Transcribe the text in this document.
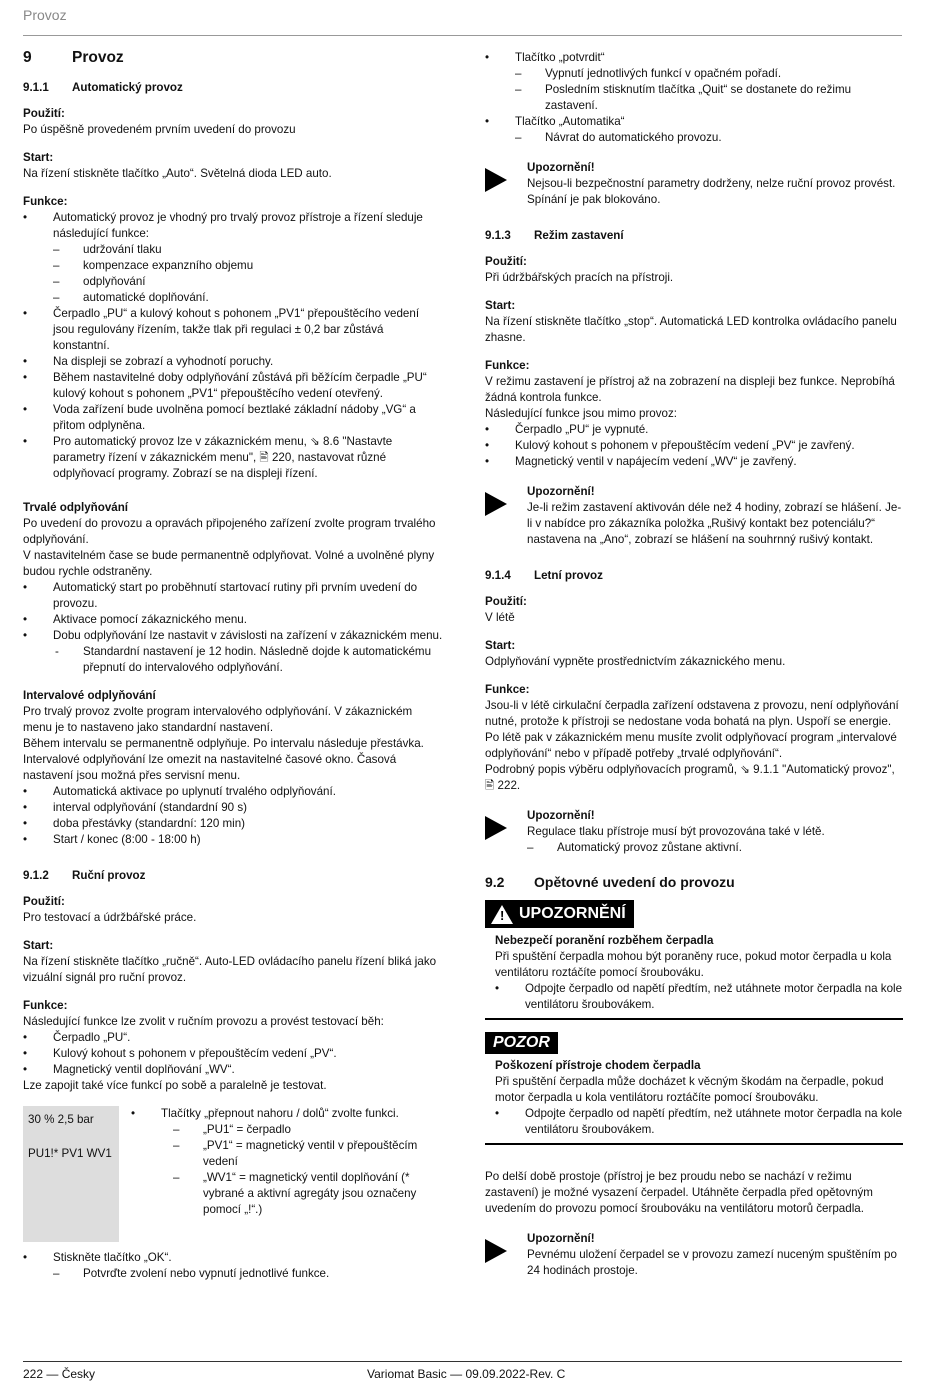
Provoz
9	Provoz
9.1.1	Automatický provoz
Použití:

Po úspěšně provedeném prvním uvedení do provozu

Start:

Na řízení stiskněte tlačítko „Auto“. Světelná dioda LED auto.

Funkce:
• Automatický provoz je vhodný pro trvalý provoz přístroje a řízení sleduje následující funkce:
– udržování tlaku
– kompenzace expanzního objemu
– odplyňování
– automatické doplňování.
• Čerpadlo „PU“ a kulový kohout s pohonem „PV1“ přepouštěcího vedení jsou regulovány řízením, takže tlak při regulaci ± 0,2 bar zůstává konstantní.
• Na displeji se zobrazí a vyhodnotí poruchy.
• Během nastavitelné doby odplyňování zůstává při běžícím čerpadle „PU“ kulový kohout s pohonem „PV1“ přepouštěcího vedení otevřený.
• Voda zařízení bude uvolněna pomocí beztlaké základní nádoby „VG“ a přitom odplyněna.
• Pro automatický provoz lze v zákaznickém menu, ⇘ 8.6 "Nastavte parametry řízení v zákaznickém menu", 🖹 220, nastavovat různé odplyňovací programy. Zobrazí se na displeji řízení.
Trvalé odplyňování

Po uvedení do provozu a opravách připojeného zařízení zvolte program trvalého odplyňování.

V nastavitelném čase se bude permanentně odplyňovat. Volné a uvolněné plyny budou rychle odstraněny.

• Automatický start po proběhnutí startovací rutiny při prvním uvedení do provozu.
• Aktivace pomocí zákaznického menu.
• Dobu odplyňování lze nastavit v závislosti na zařízení v zákaznickém menu.
- Standardní nastavení je 12 hodin. Následně dojde k automatickému přepnutí do intervalového odplyňování.
Intervalové odplyňování

Pro trvalý provoz zvolte program intervalového odplyňování. V zákaznickém menu je to nastaveno jako standardní nastavení.

Během intervalu se permanentně odplyňuje. Po intervalu následuje přestávka. Intervalové odplyňování lze omezit na nastavitelné časové okno. Časová nastavení jsou možná přes servisní menu.

• Automatická aktivace po uplynutí trvalého odplyňování.
• interval odplyňování (standardní 90 s)
• doba přestávky (standardní: 120 min)
• Start / konec (8:00 - 18:00 h)
9.1.2	Ruční provoz
Použití:

Pro testovací a údržbářské práce.

Start:

Na řízení stiskněte tlačítko „ručně“. Auto-LED ovládacího panelu řízení bliká jako vizuální signál pro ruční provoz.

Funkce:

Následující funkce lze zvolit v ručním provozu a provést testovací běh:

• Čerpadlo „PU“.
• Kulový kohout s pohonem v přepouštěcím vedení „PV“.
• Magnetický ventil doplňování „WV“.

Lze zapojit také více funkcí po sobě a paralelně je testovat.

30 % 2,5 bar
PU1!* PV1 WV1
• Tlačítky „přepnout nahoru / dolů“ zvolte funkci.
– „PU1“ = čerpadlo
– „PV1“ = magnetický ventil v přepouštěcím vedení
– „WV1“ = magnetický ventil doplňování (* vybrané a aktivní agregáty jsou označeny pomocí „!“.)
• Stiskněte tlačítko „OK“.
– Potvrďte zvolení nebo vypnutí jednotlivé funkce.
• Tlačítko „potvrdit“
– Vypnutí jednotlivých funkcí v opačném pořadí.
– Posledním stisknutím tlačítka „Quit“ se dostanete do režimu zastavení.
• Tlačítko „Automatika“
– Návrat do automatického provozu.
Upozornění!

Nejsou-li bezpečnostní parametry dodrženy, nelze ruční provoz provést. Spínání je pak blokováno.

9.1.3	Režim zastavení
Použití:

Při údržbářských pracích na přístroji.

Start:

Na řízení stiskněte tlačítko „stop“. Automatická LED kontrolka ovládacího panelu zhasne.

Funkce:

V režimu zastavení je přístroj až na zobrazení na displeji bez funkce. Neprobíhá žádná kontrola funkce.

Následující funkce jsou mimo provoz:

• Čerpadlo „PU“ je vypnuté.
• Kulový kohout s pohonem v přepouštěcím vedení „PV“ je zavřený.
• Magnetický ventil v napájecím vedení „WV“ je zavřený.
Upozornění!

Je-li režim zastavení aktivován déle než 4 hodiny, zobrazí se hlášení. Je-li v nabídce pro zákazníka položka „Rušivý kontakt bez potenciálu?“ nastavena na „Ano“, zobrazí se hlášení na souhrnný rušivý kontakt.

9.1.4	Letní provoz
Použití:

V létě

Start:

Odplyňování vypněte prostřednictvím zákaznického menu.

Funkce:

Jsou-li v létě cirkulační čerpadla zařízení odstavena z provozu, není odplyňování nutné, protože k přístroji se nedostane voda bohatá na plyn. Uspoří se energie.

Po létě pak v zákaznickém menu musíte zvolit odplyňovací program „intervalové odplyňování“ nebo v případě potřeby „trvalé odplyňování“.

Podrobný popis výběru odplyňovacích programů, ⇘ 9.1.1 "Automatický provoz", 🖹 222.

Upozornění!

Regulace tlaku přístroje musí být provozována také v létě.

– Automatický provoz zůstane aktivní.
9.2	Opětovné uvedení do provozu
! UPOZORNĚNÍ
Nebezpečí poranění rozběhem čerpadla

Při spuštění čerpadla mohou být poraněny ruce, pokud motor čerpadla u kola ventilátoru roztáčíte pomocí šroubováku.

• Odpojte čerpadlo od napětí předtím, než utáhnete motor čerpadla na kole ventilátoru šroubovákem.
POZOR
Poškození přístroje chodem čerpadla

Při spuštění čerpadla může docházet k věcným škodám na čerpadle, pokud motor čerpadla u kola ventilátoru roztáčíte pomocí šroubováku.

• Odpojte čerpadlo od napětí předtím, než utáhnete motor čerpadla na kole ventilátoru šroubovákem.

Po delší době prostoje (přístroj je bez proudu nebo se nachází v režimu zastavení) je možné vysazení čerpadel. Utáhněte čerpadla před opětovným uvedením do provozu pomocí šroubováku na ventilátoru motorů čerpadla.

Upozornění!

Pevnému uložení čerpadel se v provozu zamezí nuceným spuštěním po 24 hodinách prostoje.

222 — Česky	Variomat Basic — 09.09.2022-Rev. C
